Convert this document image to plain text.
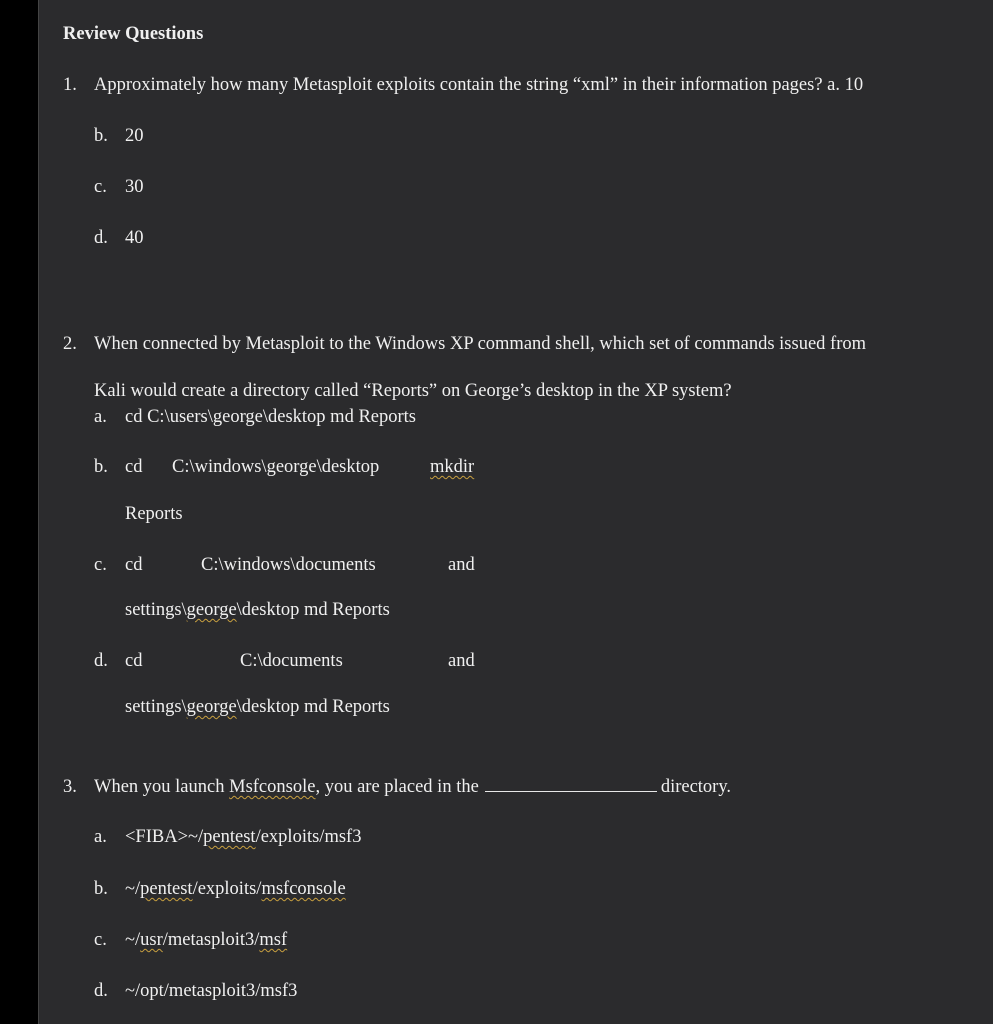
Review Questions
1. Approximately how many Metasploit exploits contain the string “xml” in their information pages? a. 10
b. 20
c. 30
d. 40
2. When connected by Metasploit to the Windows XP command shell, which set of commands issued from
Kali would create a directory called “Reports” on George’s desktop in the XP system?
a. cd C:\users\george\desktop md Reports
b. cd C:\windows\george\desktop	mkdir
Reports
c. cd	C:\windows\documents	and
settings\george\desktop md Reports
d. cd	C:\documents	and
settings\george\desktop md Reports
3. When you launch Msfconsole, you are placed in the	directory.
a. <FIBA>~/pentest/exploits/msf3
b. ~/pentest/exploits/msfconsole
c. ~/usr/metasploit3/msf
d. ~/opt/metasploit3/msf3
